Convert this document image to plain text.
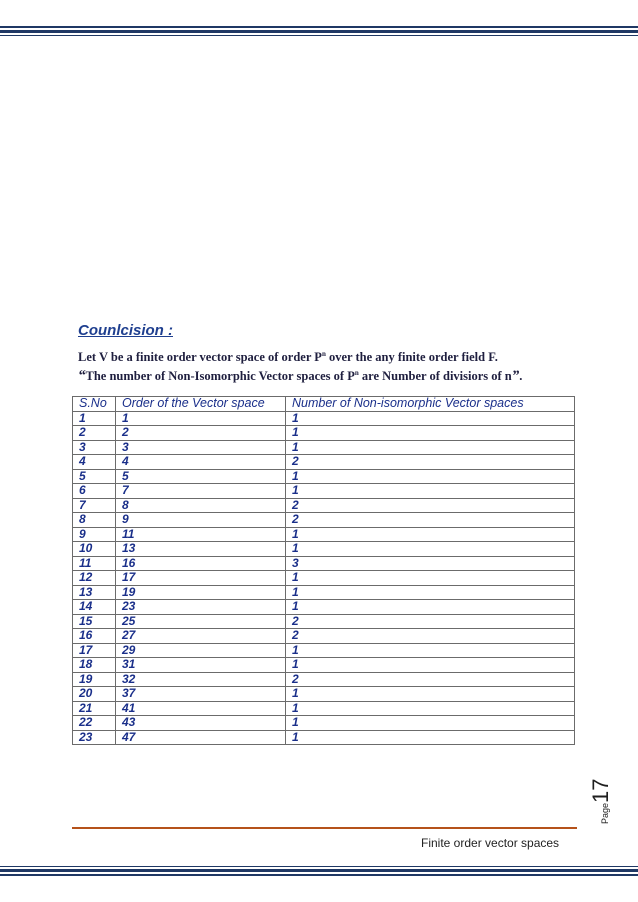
Counlcision :

Let V be a finite order vector space of order $P^n$ over the any finite order field F.

“The number of Non-Isomorphic Vector spaces of $P^n$ are Number of divisiors of n”.

S.No	Order of the Vector space	Number of Non-isomorphic Vector spaces
1	1	1
2	2	1
3	3	1
4	4	2
5	5	1
6	7	1
7	8	2
8	9	2
9	11	1
10	13	1
11	16	3
12	17	1
13	19	1
14	23	1
15	25	2
16	27	2
17	29	1
18	31	1
19	32	2
20	37	1
21	41	1
22	43	1
23	47	1
Page17
Finite order vector spaces
